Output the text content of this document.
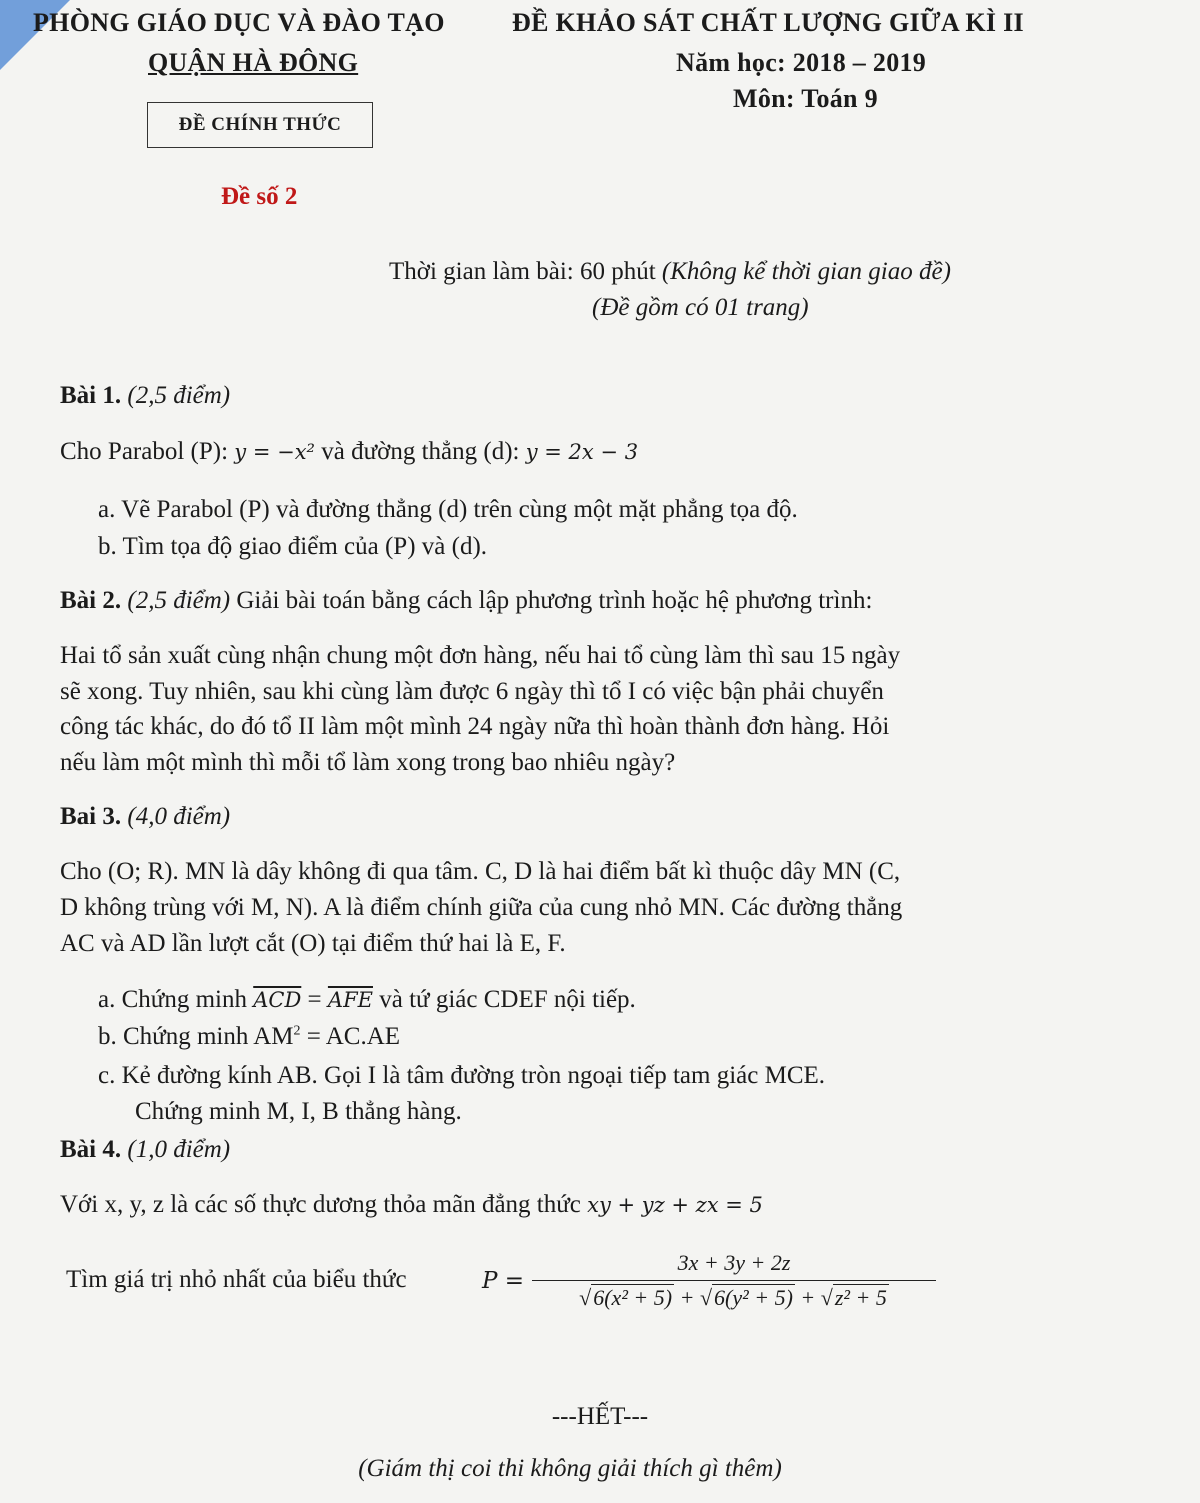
PHÒNG GIÁO DỤC VÀ ĐÀO TẠO
QUẬN HÀ ĐÔNG
ĐỀ KHẢO SÁT CHẤT LƯỢNG GIỮA KÌ II
Năm học: 2018 – 2019
Môn: Toán 9
ĐỀ CHÍNH THỨC
Đề số 2
Thời gian làm bài: 60 phút (Không kể thời gian giao đề)
(Đề gồm có 01 trang)
Bài 1. (2,5 điểm)
Cho Parabol (P): y = −x² và đường thẳng (d): y = 2x − 3
a. Vẽ Parabol (P) và đường thẳng (d) trên cùng một mặt phẳng tọa độ.
b. Tìm tọa độ giao điểm của (P) và (d).
Bài 2. (2,5 điểm) Giải bài toán bằng cách lập phương trình hoặc hệ phương trình:
Hai tổ sản xuất cùng nhận chung một đơn hàng, nếu hai tổ cùng làm thì sau 15 ngày
sẽ xong. Tuy nhiên, sau khi cùng làm được 6 ngày thì tổ I có việc bận phải chuyển
công tác khác, do đó tổ II làm một mình 24 ngày nữa thì hoàn thành đơn hàng. Hỏi
nếu làm một mình thì mỗi tổ làm xong trong bao nhiêu ngày?
Bai 3. (4,0 điểm)
Cho (O; R). MN là dây không đi qua tâm. C, D là hai điểm bất kì thuộc dây MN (C,
D không trùng với M, N). A là điểm chính giữa của cung nhỏ MN. Các đường thẳng
AC và AD lần lượt cắt (O) tại điểm thứ hai là E, F.
a. Chứng minh $\overline{ACD} = \overline{AFE}$ và tứ giác CDEF nội tiếp.
b. Chứng minh $AM^2 = AC.AE$
c. Kẻ đường kính AB. Gọi I là tâm đường tròn ngoại tiếp tam giác MCE.
Chứng minh M, I, B thẳng hàng.
Bài 4. (1,0 điểm)
Với x, y, z là các số thực dương thỏa mãn đẳng thức xy + yz + zx = 5
Tìm giá trị nhỏ nhất của biểu thức	$P = \frac{3x + 3y + 2z}{\text{√6(x² + 5) + √6(y² + 5) + √z² + 5}}$
---HẾT---
(Giám thị coi thi không giải thích gì thêm)
